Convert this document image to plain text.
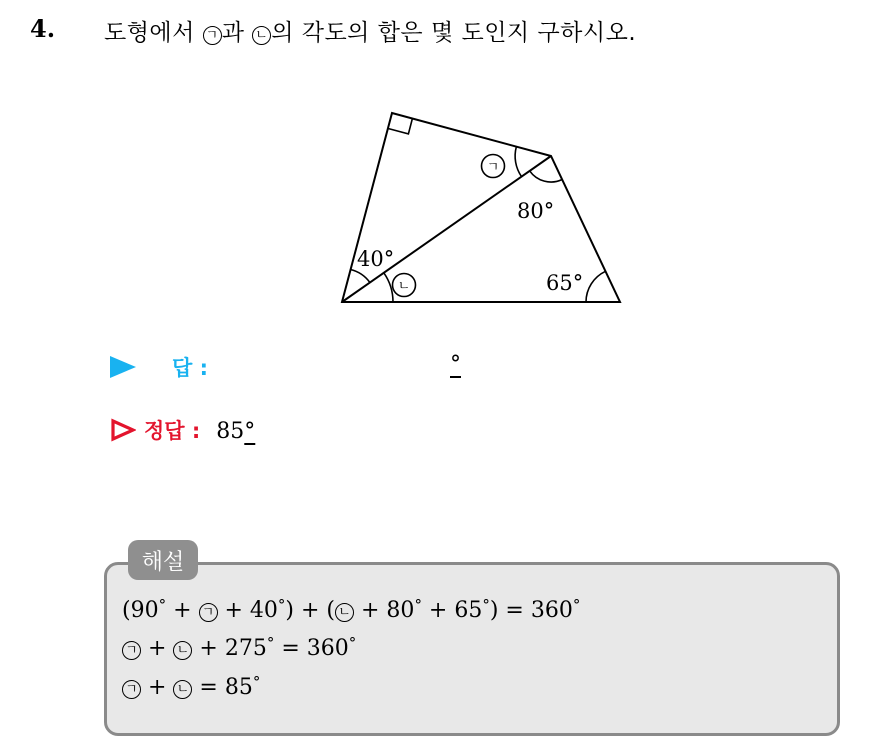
4. 도형에서 ㄱ 과 ㄴ 의 각도의 합은 몇 도인지 구하시오.
40°
80°
65°
ㄱ
ㄴ
답 :	°
정답 : 85 °
해설
(90° + ㄱ + 40°) + ( ㄴ + 80° + 65°) = 360°
ㄱ + ㄴ + 275° = 360°
ㄱ + ㄴ = 85°
